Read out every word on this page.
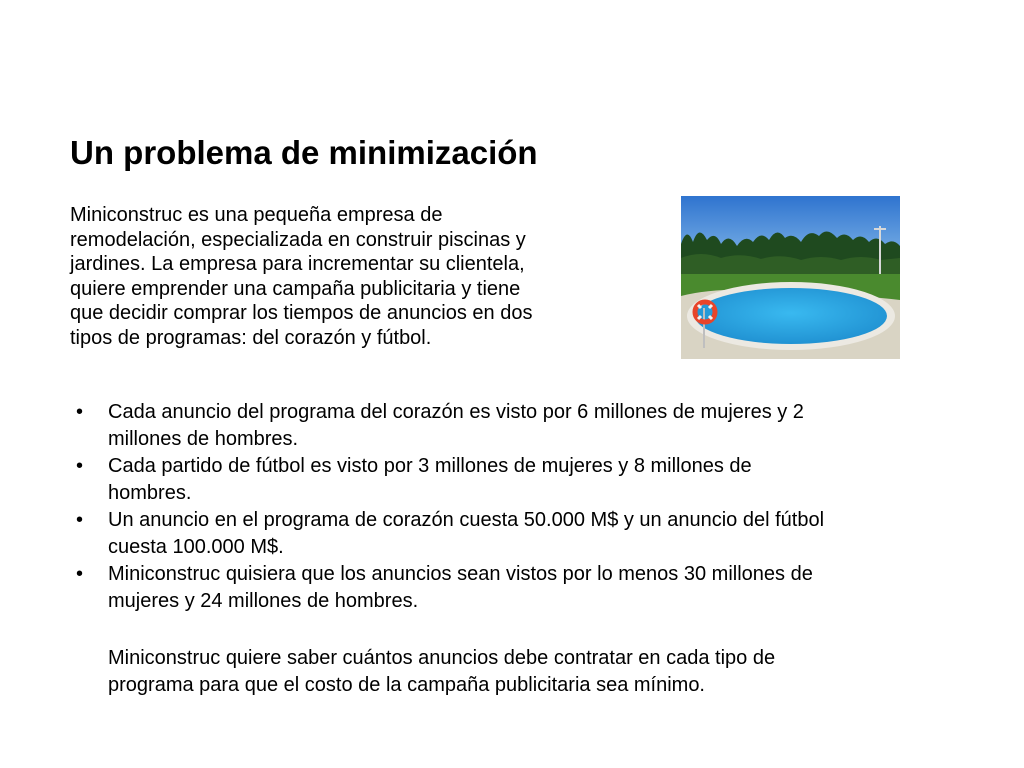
Un problema de minimización

Miniconstruc es una pequeña empresa de
remodelación, especializada en construir piscinas y
jardines. La empresa para incrementar su clientela,
quiere emprender una campaña publicitaria y tiene
que decidir comprar los tiempos de anuncios en dos
tipos de programas: del corazón y fútbol.

• Cada anuncio del programa del corazón es visto por 6 millones de mujeres y 2
millones de hombres.
• Cada partido de fútbol es visto por 3 millones de mujeres y 8 millones de
hombres.
• Un anuncio en el programa de corazón cuesta 50.000 M$ y un anuncio del fútbol
cuesta 100.000 M$.
• Miniconstruc quisiera que los anuncios sean vistos por lo menos 30 millones de
mujeres y 24 millones de hombres.

Miniconstruc quiere saber cuántos anuncios debe contratar en cada tipo de
programa para que el costo de la campaña publicitaria sea mínimo.
